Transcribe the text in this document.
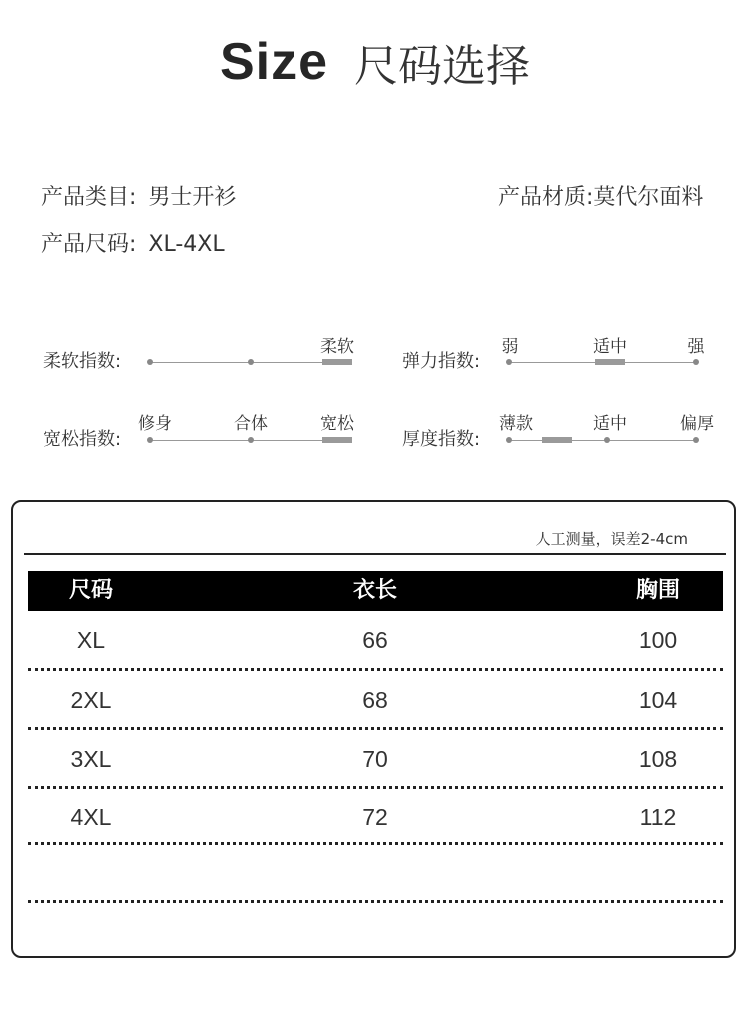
Size 尺码选择
产品类目: 男士开衫	产品材质:莫代尔面料
产品尺码: XL-4XL
柔软指数:
柔软
弹力指数:
弱	适中	强
宽松指数:
修身	合体	宽松
厚度指数:
薄款	适中	偏厚
人工测量，误差2-4cm
尺码	衣长	胸围
XL	66	100
2XL	68	104
3XL	70	108
4XL	72	112
